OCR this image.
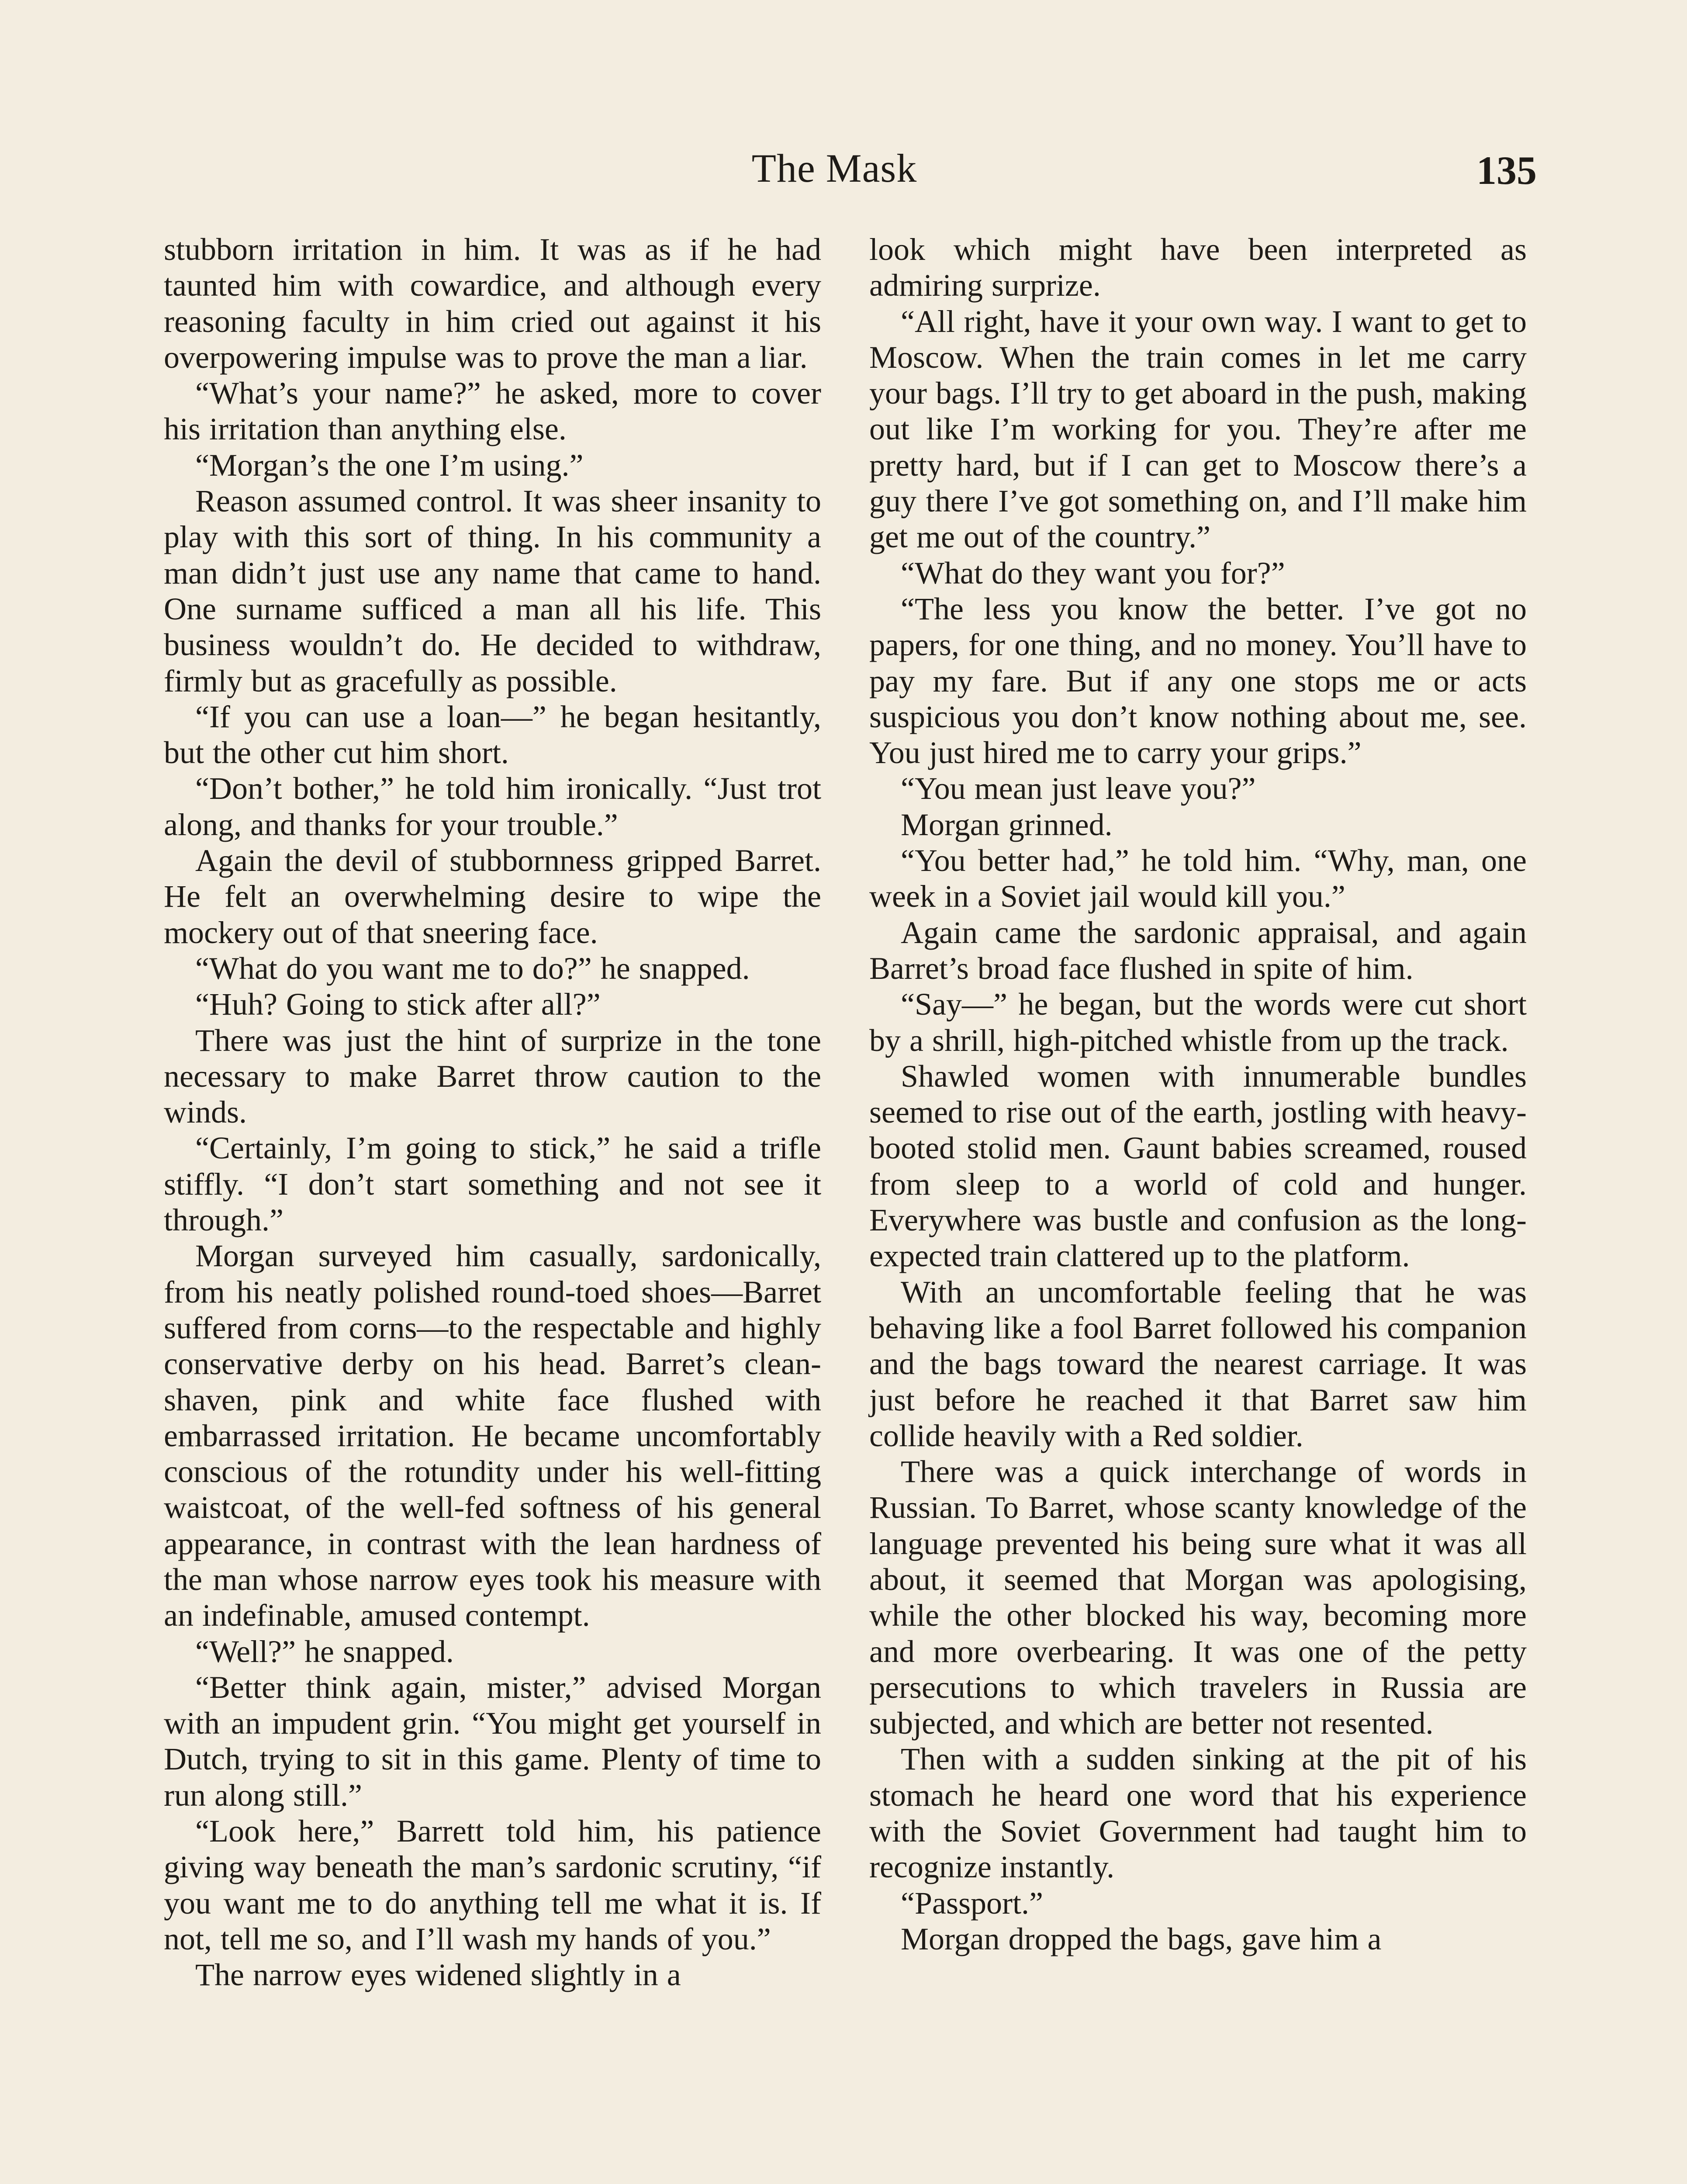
The Mask	135

stubborn irritation in him. It was as if he had taunted him with cowardice, and although every reasoning faculty in him cried out against it his overpowering impulse was to prove the man a liar.

“What’s your name?” he asked, more to cover his irritation than anything else.

“Morgan’s the one I’m using.”

Reason assumed control. It was sheer insanity to play with this sort of thing. In his community a man didn’t just use any name that came to hand. One surname sufficed a man all his life. This business wouldn’t do. He decided to withdraw, firmly but as gracefully as possible.

“If you can use a loan—” he began hesitantly, but the other cut him short.

“Don’t bother,” he told him ironically. “Just trot along, and thanks for your trouble.”

Again the devil of stubbornness gripped Barret. He felt an overwhelming desire to wipe the mockery out of that sneering face.

“What do you want me to do?” he snapped.

“Huh? Going to stick after all?”

There was just the hint of surprize in the tone necessary to make Barret throw caution to the winds.

“Certainly, I’m going to stick,” he said a trifle stiffly. “I don’t start something and not see it through.”

Morgan surveyed him casually, sardonically, from his neatly polished round-toed shoes—Barret suffered from corns—to the respectable and highly conservative derby on his head. Barret’s clean-shaven, pink and white face flushed with embarrassed irritation. He became uncomfortably conscious of the rotundity under his well-fitting waistcoat, of the well-fed softness of his general appearance, in contrast with the lean hardness of the man whose narrow eyes took his measure with an indefinable, amused contempt.

“Well?” he snapped.

“Better think again, mister,” advised Morgan with an impudent grin. “You might get yourself in Dutch, trying to sit in this game. Plenty of time to run along still.”

“Look here,” Barrett told him, his patience giving way beneath the man’s sardonic scrutiny, “if you want me to do anything tell me what it is. If not, tell me so, and I’ll wash my hands of you.”

The narrow eyes widened slightly in a

look which might have been interpreted as admiring surprize.

“All right, have it your own way. I want to get to Moscow. When the train comes in let me carry your bags. I’ll try to get aboard in the push, making out like I’m working for you. They’re after me pretty hard, but if I can get to Moscow there’s a guy there I’ve got something on, and I’ll make him get me out of the country.”

“What do they want you for?”

“The less you know the better. I’ve got no papers, for one thing, and no money. You’ll have to pay my fare. But if any one stops me or acts suspicious you don’t know nothing about me, see. You just hired me to carry your grips.”

“You mean just leave you?”

Morgan grinned.

“You better had,” he told him. “Why, man, one week in a Soviet jail would kill you.”

Again came the sardonic appraisal, and again Barret’s broad face flushed in spite of him.

“Say—” he began, but the words were cut short by a shrill, high-pitched whistle from up the track.

Shawled women with innumerable bundles seemed to rise out of the earth, jostling with heavy-booted stolid men. Gaunt babies screamed, roused from sleep to a world of cold and hunger. Everywhere was bustle and confusion as the long-expected train clattered up to the platform.

With an uncomfortable feeling that he was behaving like a fool Barret followed his companion and the bags toward the nearest carriage. It was just before he reached it that Barret saw him collide heavily with a Red soldier.

There was a quick interchange of words in Russian. To Barret, whose scanty knowledge of the language prevented his being sure what it was all about, it seemed that Morgan was apologising, while the other blocked his way, becoming more and more overbearing. It was one of the petty persecutions to which travelers in Russia are subjected, and which are better not resented.

Then with a sudden sinking at the pit of his stomach he heard one word that his experience with the Soviet Government had taught him to recognize instantly.

“Passport.”

Morgan dropped the bags, gave him a
